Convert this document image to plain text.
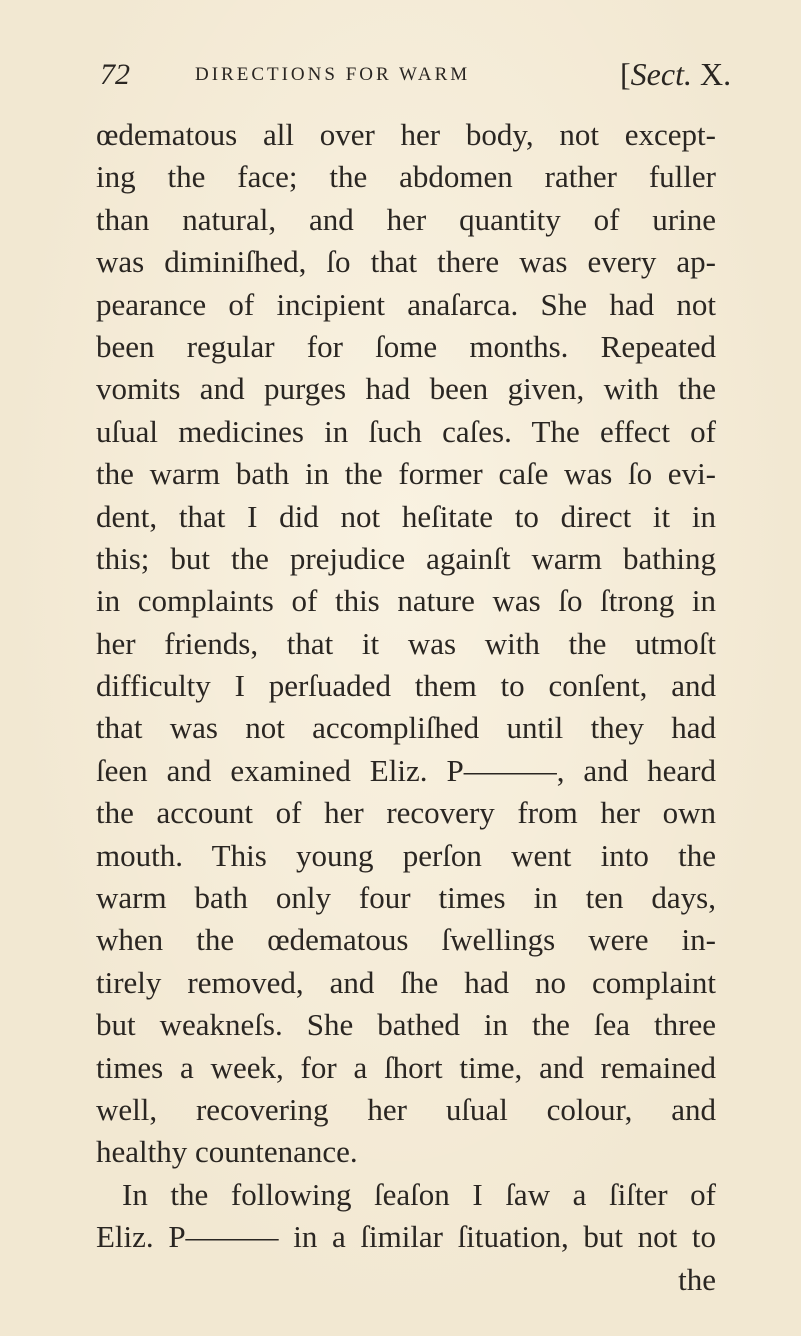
72	DIRECTIONS FOR WARM	[Sect. X.
œdematous all over her body, not except-
ing the face; the abdomen rather fuller
than natural, and her quantity of urine
was diminiſhed, ſo that there was every ap-
pearance of incipient anaſarca. She had not
been regular for ſome months. Repeated
vomits and purges had been given, with the
uſual medicines in ſuch caſes. The effect of
the warm bath in the former caſe was ſo evi-
dent, that I did not heſitate to direct it in
this; but the prejudice againſt warm bathing
in complaints of this nature was ſo ſtrong in
her friends, that it was with the utmoſt
difficulty I perſuaded them to conſent, and
that was not accompliſhed until they had
ſeen and examined Eliz. P———, and heard
the account of her recovery from her own
mouth. This young perſon went into the
warm bath only four times in ten days,
when the œdematous ſwellings were in-
tirely removed, and ſhe had no complaint
but weakneſs. She bathed in the ſea three
times a week, for a ſhort time, and remained
well, recovering her uſual colour, and
healthy countenance.
In the following ſeaſon I ſaw a ſiſter of
Eliz. P——— in a ſimilar ſituation, but not to
the
